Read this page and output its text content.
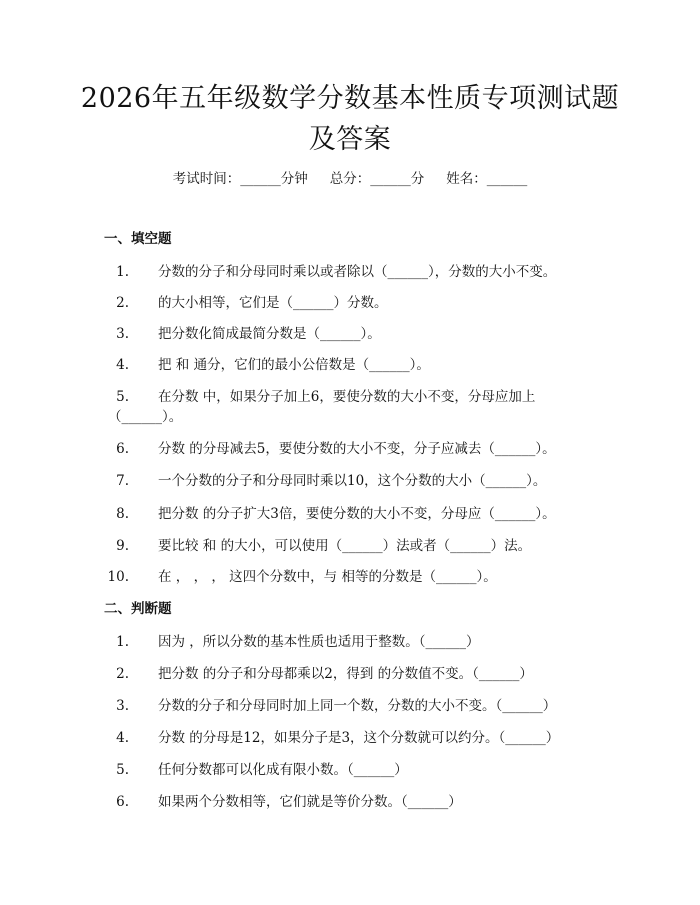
2026年五年级数学分数基本性质专项测试题
及答案
考试时间：______分钟 总分：______分 姓名：______
一、填空题
1. 分数的分子和分母同时乘以或者除以（______），分数的大小不变。
2. 的大小相等，它们是（______）分数。
3. 把分数化简成最简分数是（______）。
4. 把 和 通分，它们的最小公倍数是（______）。
5. 在分数 中，如果分子加上6，要使分数的大小不变，分母应加上
（______）。
6. 分数 的分母减去5，要使分数的大小不变，分子应减去（______）。
7. 一个分数的分子和分母同时乘以10，这个分数的大小（______）。
8. 把分数 的分子扩大3倍，要使分数的大小不变，分母应（______）。
9. 要比较 和 的大小，可以使用（______）法或者（______）法。
10. 在 ， ， ， 这四个分数中，与 相等的分数是（______）。
二、判断题
1. 因为 ，所以分数的基本性质也适用于整数。（______）
2. 把分数 的分子和分母都乘以2，得到 的分数值不变。（______）
3. 分数的分子和分母同时加上同一个数，分数的大小不变。（______）
4. 分数 的分母是12，如果分子是3，这个分数就可以约分。（______）
5. 任何分数都可以化成有限小数。（______）
6. 如果两个分数相等，它们就是等价分数。（______）
